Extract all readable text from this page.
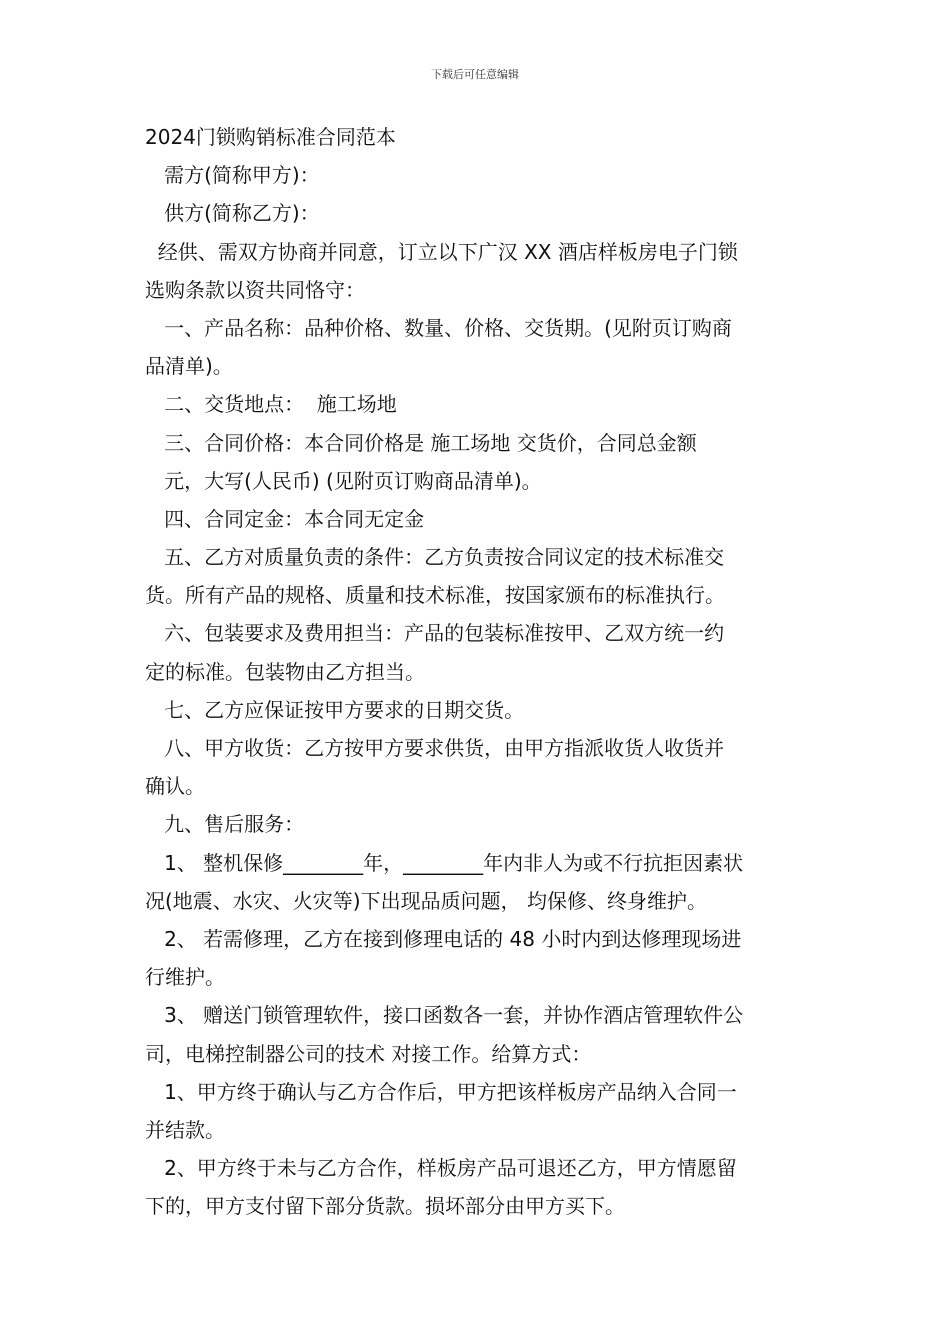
下载后可任意编辑
2024门锁购销标准合同范本
需方(简称甲方)：
供方(简称乙方)：
经供、需双方协商并同意，订立以下广汉 XX 酒店样板房电子门锁
选购条款以资共同恪守：
一、产品名称：品种价格、数量、价格、交货期。(见附页订购商
品清单)。
二、交货地点：  施工场地
三、合同价格：本合同价格是 施工场地 交货价，合同总金额
元，大写(人民币) (见附页订购商品清单)。
四、合同定金：本合同无定金
五、乙方对质量负责的条件：乙方负责按合同议定的技术标准交
货。所有产品的规格、质量和技术标准，按国家颁布的标准执行。
六、包装要求及费用担当：产品的包装标准按甲、乙双方统一约
定的标准。包装物由乙方担当。
七、乙方应保证按甲方要求的日期交货。
八、甲方收货：乙方按甲方要求供货，由甲方指派收货人收货并
确认。
九、售后服务：
1、 整机保修________年，________年内非人为或不行抗拒因素状
况(地震、水灾、火灾等)下出现品质问题， 均保修、终身维护。
2、 若需修理，乙方在接到修理电话的 48 小时内到达修理现场进
行维护。
3、 赠送门锁管理软件，接口函数各一套，并协作酒店管理软件公
司，电梯控制器公司的技术 对接工作。给算方式：
1、甲方终于确认与乙方合作后，甲方把该样板房产品纳入合同一
并结款。
2、甲方终于未与乙方合作，样板房产品可退还乙方，甲方情愿留
下的，甲方支付留下部分货款。损坏部分由甲方买下。
